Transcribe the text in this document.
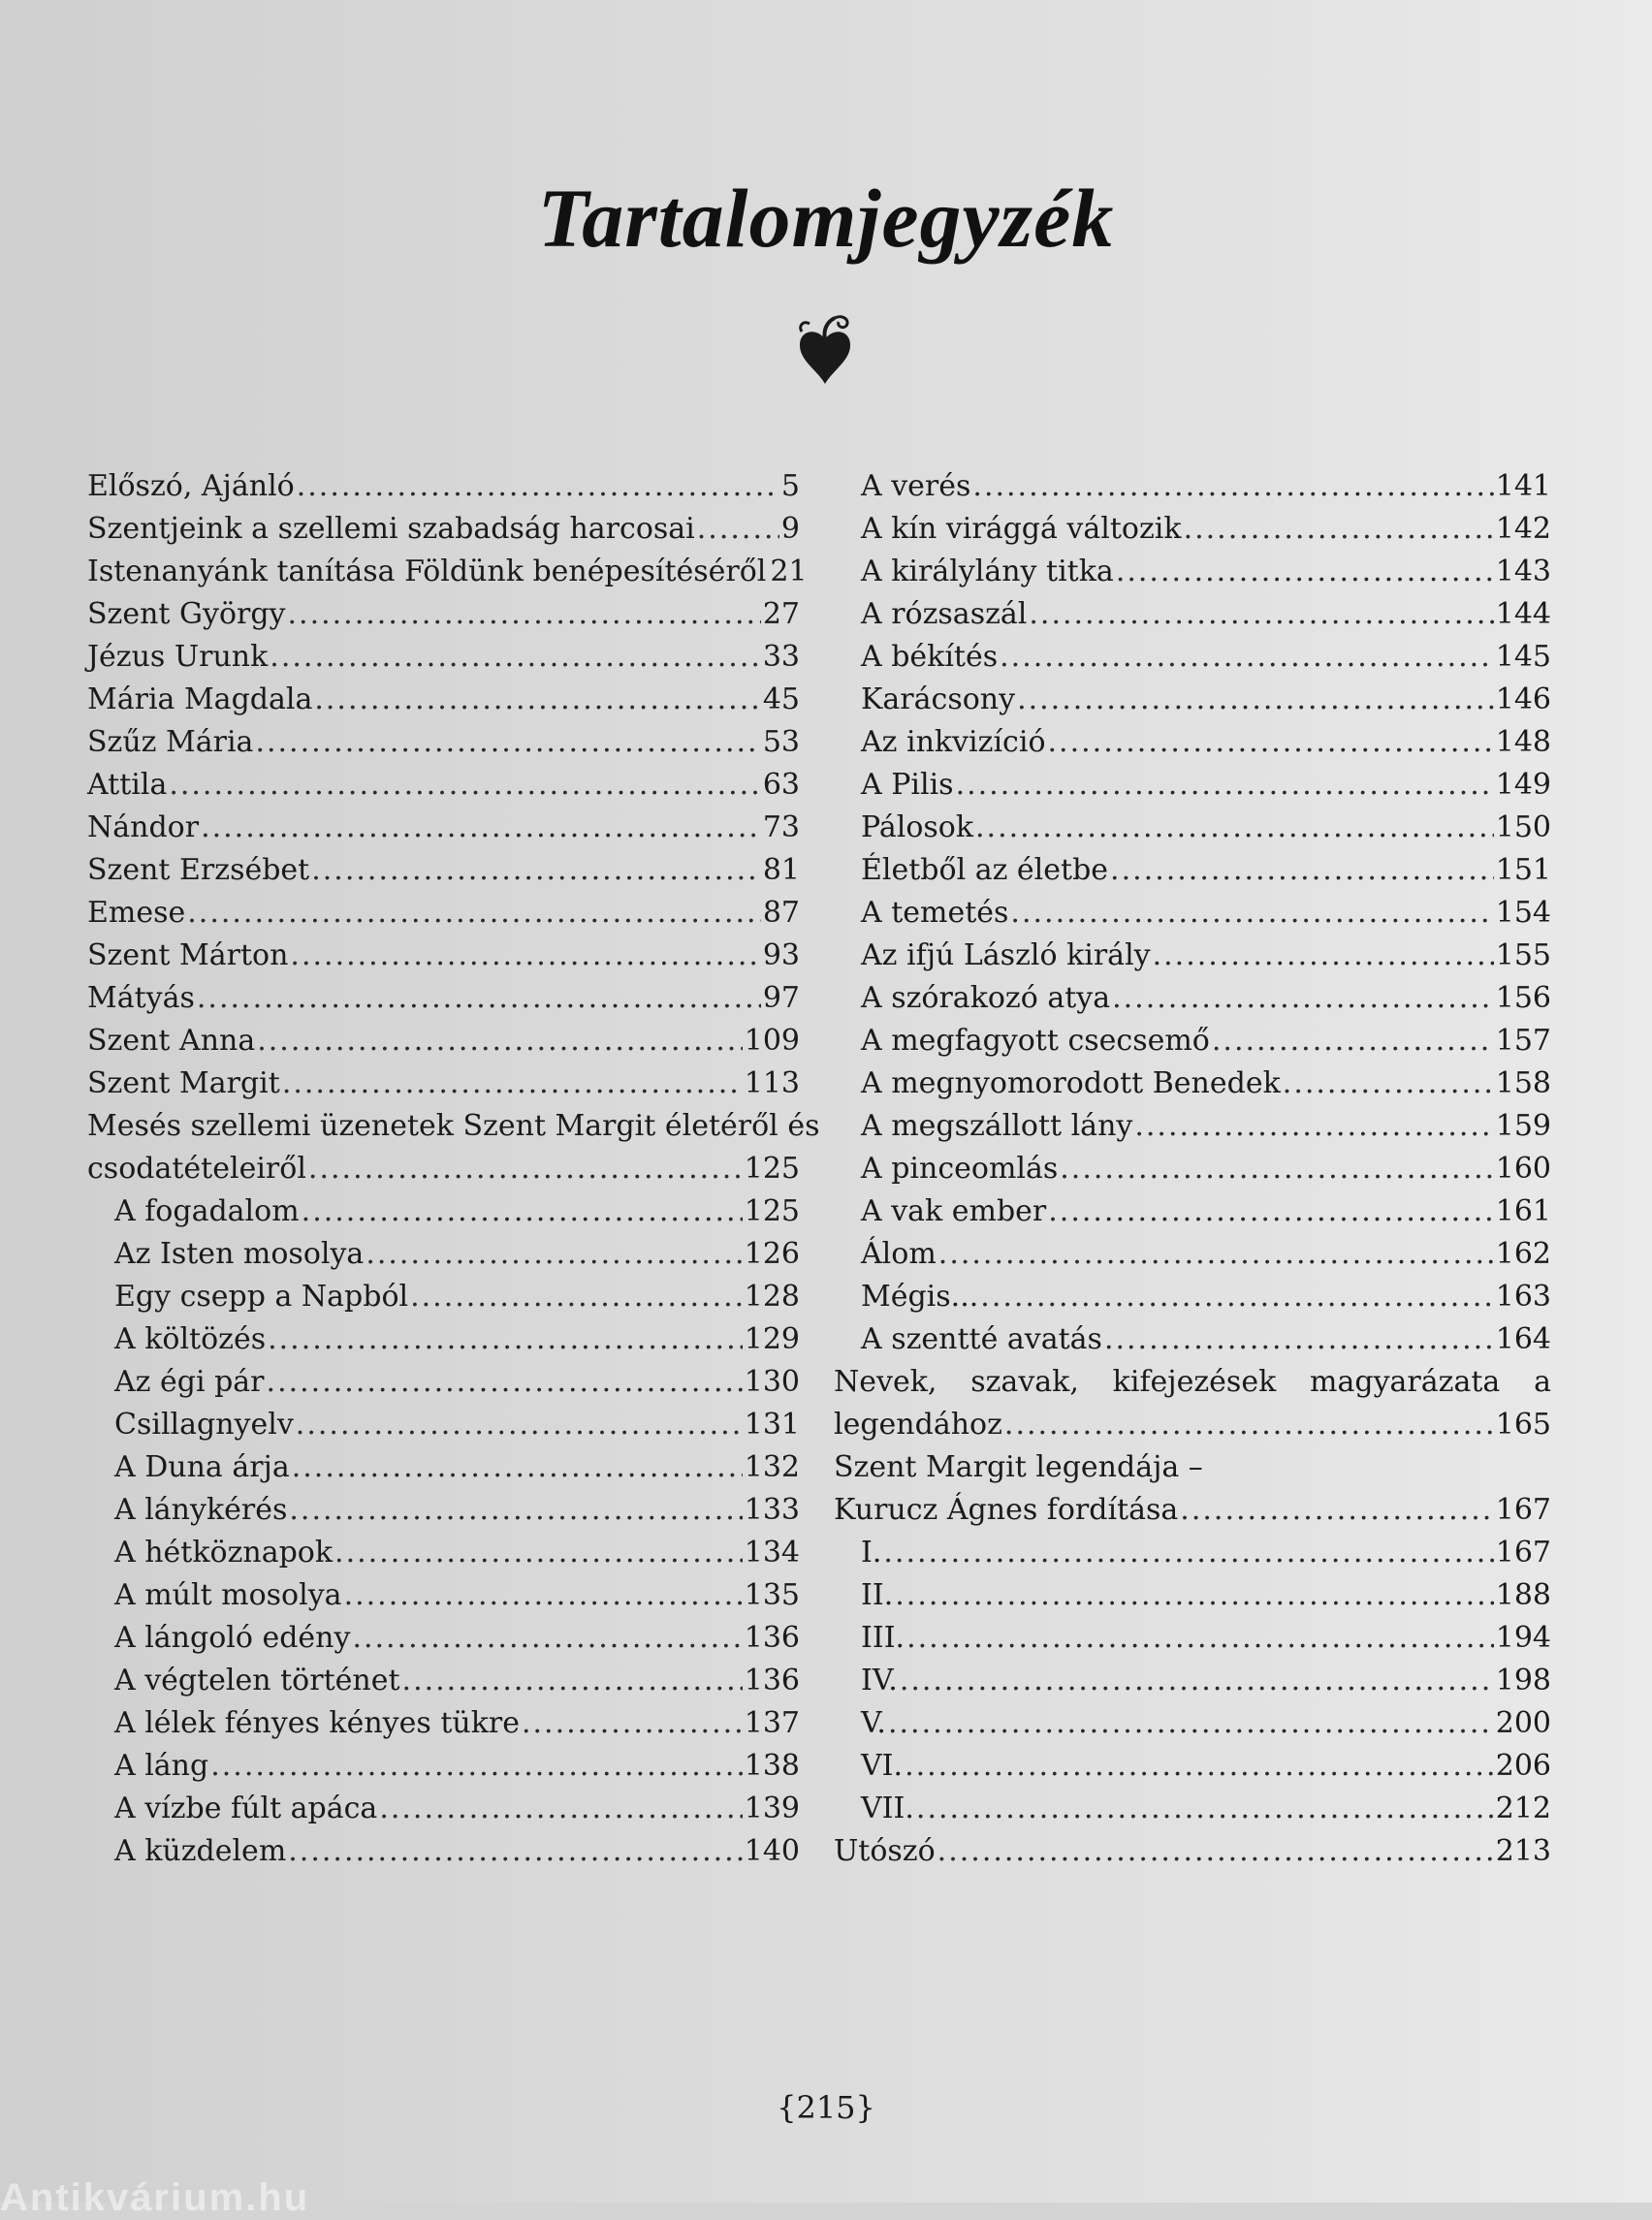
Tartalomjegyzék
Előszó, Ajánló .....	5
Szentjeink a szellemi szabadság harcosai .....	9
Istenanyánk tanítása Földünk benépesítéséről 21
Szent György .....	27
Jézus Urunk .....	33
Mária Magdala .....	45
Szűz Mária .....	53
Attila .....	63
Nándor .....	73
Szent Erzsébet .....	81
Emese .....	87
Szent Márton .....	93
Mátyás .....	97
Szent Anna .....	109
Szent Margit .....	113
Mesés szellemi üzenetek Szent Margit életéről és
csodatételeiről .....	125
A fogadalom .....	125
Az Isten mosolya .....	126
Egy csepp a Napból .....	128
A költözés .....	129
Az égi pár .....	130
Csillagnyelv .....	131
A Duna árja .....	132
A lánykérés .....	133
A hétköznapok .....	134
A múlt mosolya .....	135
A lángoló edény .....	136
A végtelen történet .....	136
A lélek fényes kényes tükre .....	137
A láng .....	138
A vízbe fúlt apáca .....	139
A küzdelem .....	140
A verés .....	141
A kín virággá változik .....	142
A királylány titka .....	143
A rózsaszál .....	144
A békítés .....	145
Karácsony .....	146
Az inkvizíció .....	148
A Pilis .....	149
Pálosok .....	150
Életből az életbe .....	151
A temetés .....	154
Az ifjú László király .....	155
A szórakozó atya .....	156
A megfagyott csecsemő .....	157
A megnyomorodott Benedek .....	158
A megszállott lány .....	159
A pinceomlás .....	160
A vak ember .....	161
Álom .....	162
Mégis... .....	163
A szentté avatás .....	164
Nevek, szavak, kifejezések magyarázata a
legendához .....	165
Szent Margit legendája –
Kurucz Ágnes fordítása .....	167
I. .....	167
II. .....	188
III. .....	194
IV. .....	198
V. .....	200
VI. .....	206
VII. .....	212
Utószó .....	213
{215}
Antikvárium.hu
